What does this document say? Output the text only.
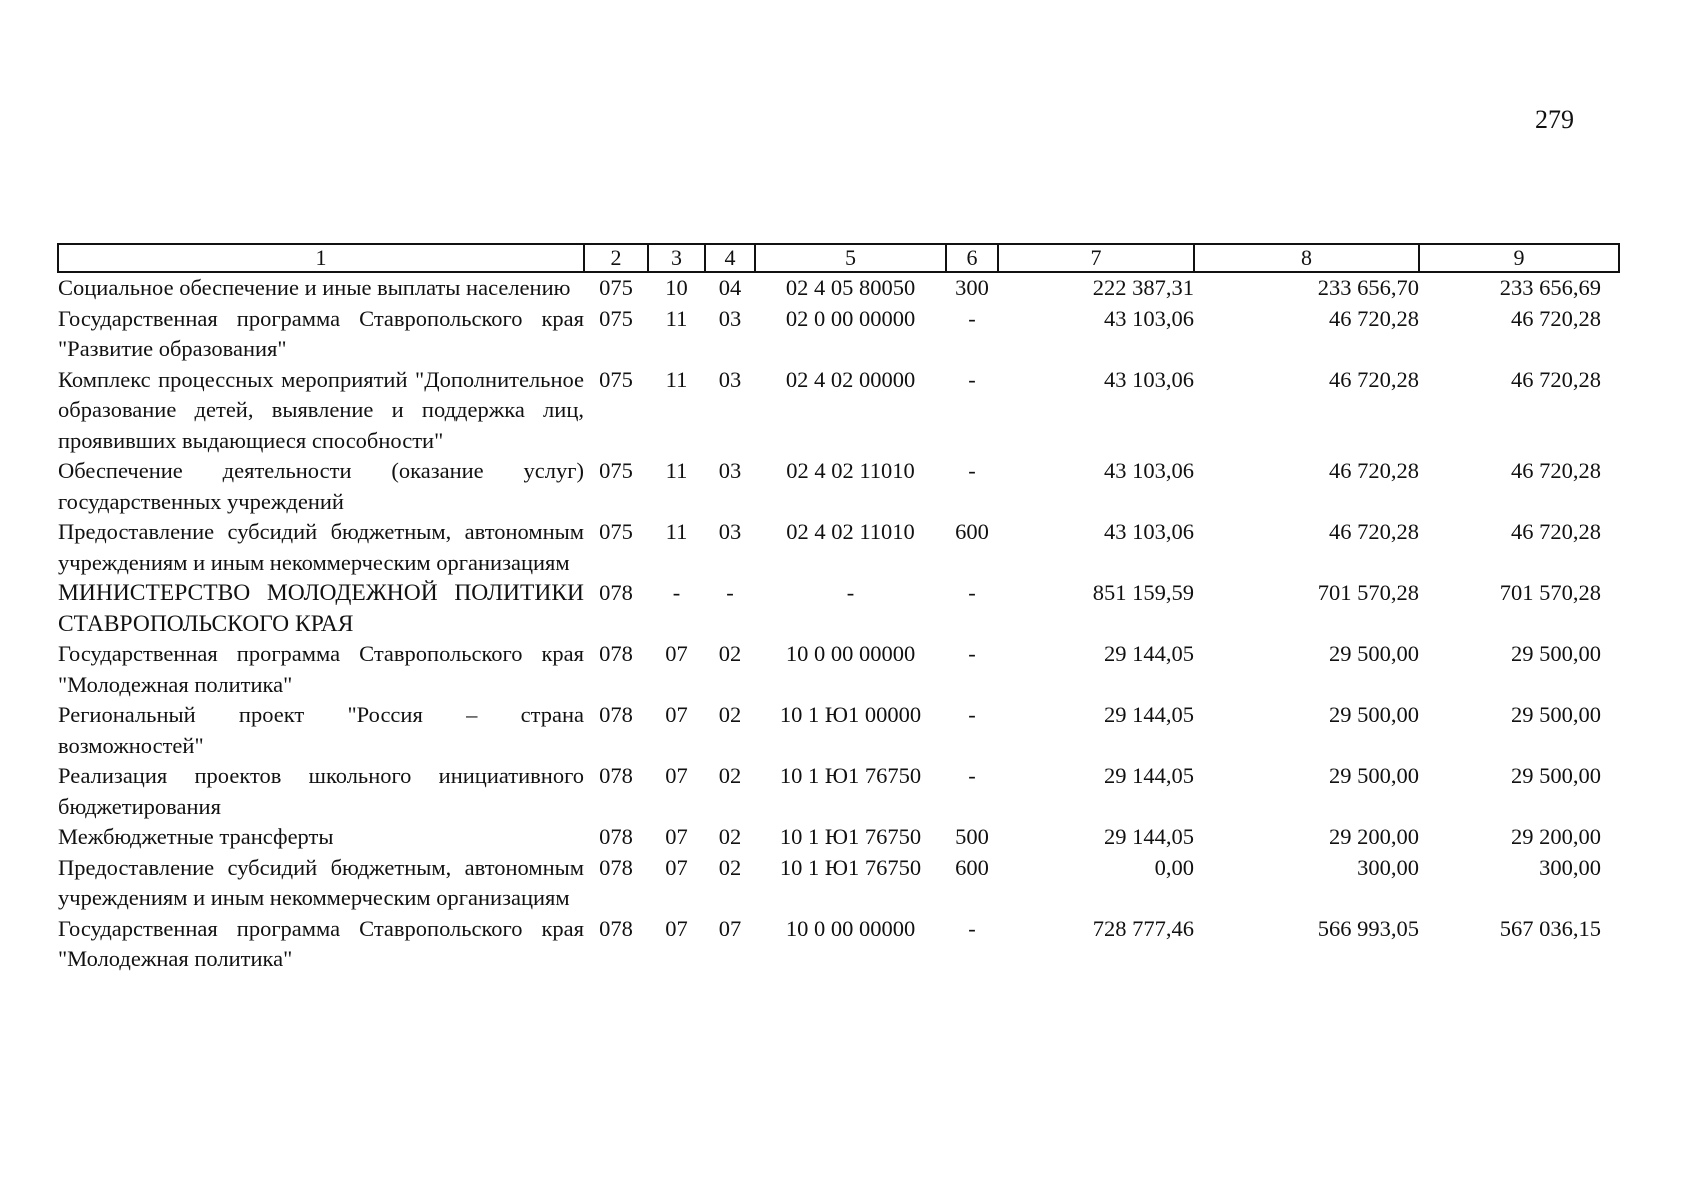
279
1	2	3	4	5	6	7	8	9
Социальное обеспечение и иные выплаты населению	075	10	04	02 4 05 80050	300	222 387,31	233 656,70	233 656,69
Государственная программа Ставропольского края "Развитие образования"	075	11	03	02 0 00 00000	-	43 103,06	46 720,28	46 720,28
Комплекс процессных мероприятий "Дополнительное образование детей, выявление и поддержка лиц, проявивших выдающиеся способности"	075	11	03	02 4 02 00000	-	43 103,06	46 720,28	46 720,28
Обеспечение деятельности (оказание услуг) государственных учреждений	075	11	03	02 4 02 11010	-	43 103,06	46 720,28	46 720,28
Предоставление субсидий бюджетным, автономным учреждениям и иным некоммерческим организациям	075	11	03	02 4 02 11010	600	43 103,06	46 720,28	46 720,28
МИНИСТЕРСТВО МОЛОДЕЖНОЙ ПОЛИТИКИ СТАВРОПОЛЬСКОГО КРАЯ	078	-	-	-	-	851 159,59	701 570,28	701 570,28
Государственная программа Ставропольского края "Молодежная политика"	078	07	02	10 0 00 00000	-	29 144,05	29 500,00	29 500,00
Региональный проект "Россия – страна возможностей"	078	07	02	10 1 Ю1 00000	-	29 144,05	29 500,00	29 500,00
Реализация проектов школьного инициативного бюджетирования	078	07	02	10 1 Ю1 76750	-	29 144,05	29 500,00	29 500,00
Межбюджетные трансферты	078	07	02	10 1 Ю1 76750	500	29 144,05	29 200,00	29 200,00
Предоставление субсидий бюджетным, автономным учреждениям и иным некоммерческим организациям	078	07	02	10 1 Ю1 76750	600	0,00	300,00	300,00
Государственная программа Ставропольского края "Молодежная политика"	078	07	07	10 0 00 00000	-	728 777,46	566 993,05	567 036,15
